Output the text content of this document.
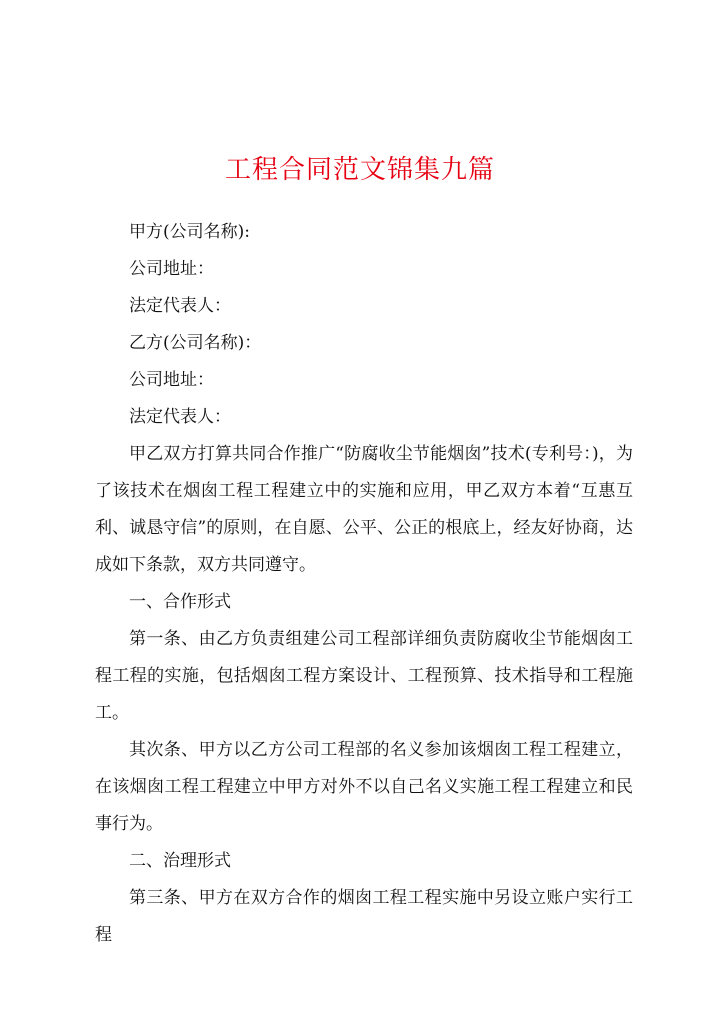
工程合同范文锦集九篇

甲方(公司名称):

公司地址：

法定代表人：

乙方(公司名称)：

公司地址：

法定代表人：

甲乙双方打算共同合作推广“防腐收尘节能烟囱”技术(专利号：)，为了该技术在烟囱工程工程建立中的实施和应用，甲乙双方本着“互惠互利、诚恳守信”的原则，在自愿、公平、公正的根底上，经友好协商，达成如下条款，双方共同遵守。

一、合作形式

第一条、由乙方负责组建公司工程部详细负责防腐收尘节能烟囱工程工程的实施，包括烟囱工程方案设计、工程预算、技术指导和工程施工。

其次条、甲方以乙方公司工程部的名义参加该烟囱工程工程建立，在该烟囱工程工程建立中甲方对外不以自己名义实施工程工程建立和民事行为。

二、治理形式

第三条、甲方在双方合作的烟囱工程工程实施中另设立账户实行工程
